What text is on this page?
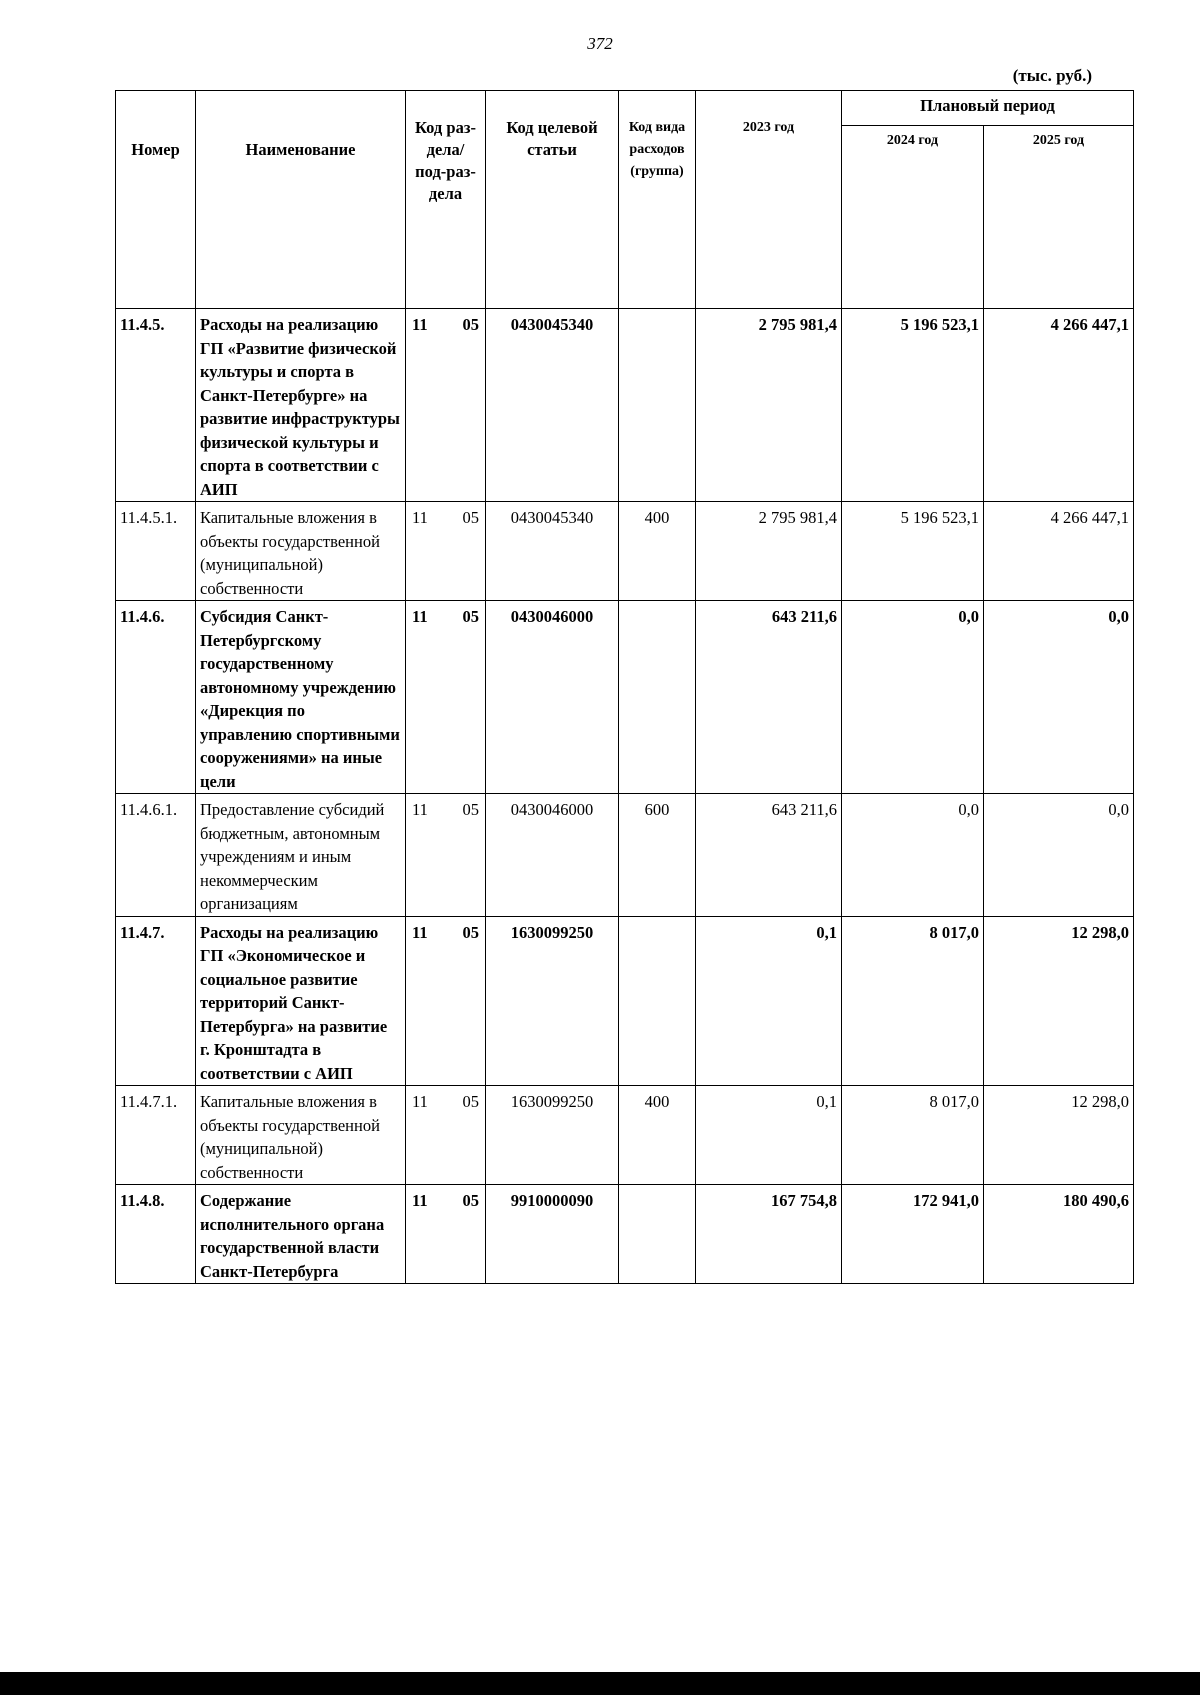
372
(тыс. руб.)
Номер	Наименование	Код раз-дела/ под-раз-дела	Код целевой статьи	Код вида расходов (группа)	2023 год	Плановый период	
						2024 год	2025 год
11.4.5.	Расходы на реализацию ГП «Развитие физической культуры и спорта в Санкт-Петербурге» на развитие инфраструктуры физической культуры и спорта в соответствии с АИП	11 05	0430045340		2 795 981,4	5 196 523,1	4 266 447,1
11.4.5.1.	Капитальные вложения в объекты государственной (муниципальной) собственности	11 05	0430045340	400	2 795 981,4	5 196 523,1	4 266 447,1
11.4.6.	Субсидия Санкт-Петербургскому государственному автономному учреждению «Дирекция по управлению спортивными сооружениями» на иные цели	11 05	0430046000		643 211,6	0,0	0,0
11.4.6.1.	Предоставление субсидий бюджетным, автономным учреждениям и иным некоммерческим организациям	11 05	0430046000	600	643 211,6	0,0	0,0
11.4.7.	Расходы на реализацию ГП «Экономическое и социальное развитие территорий Санкт-Петербурга» на развитие г. Кронштадта в соответствии с АИП	11 05	1630099250		0,1	8 017,0	12 298,0
11.4.7.1.	Капитальные вложения в объекты государственной (муниципальной) собственности	11 05	1630099250	400	0,1	8 017,0	12 298,0
11.4.8.	Содержание исполнительного органа государственной власти Санкт-Петербурга	11 05	9910000090		167 754,8	172 941,0	180 490,6
